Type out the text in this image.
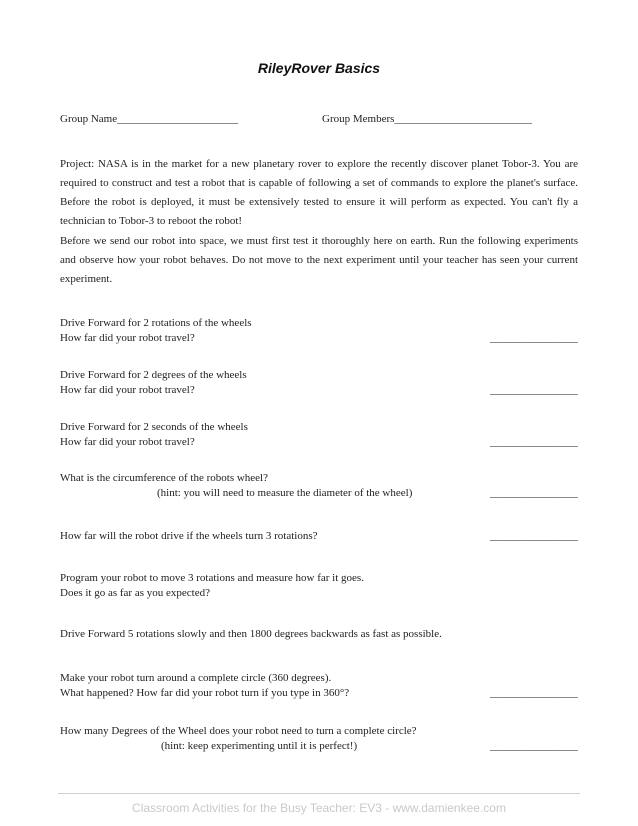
RileyRover Basics
Group Name______________________	Group Members_________________________
Project: NASA is in the market for a new planetary rover to explore the recently discover planet Tobor-3. You are required to construct and test a robot that is capable of following a set of commands to explore the planet's surface. Before the robot is deployed, it must be extensively tested to ensure it will perform as expected. You can't fly a technician to Tobor-3 to reboot the robot!
Before we send our robot into space, we must first test it thoroughly here on earth. Run the following experiments and observe how your robot behaves. Do not move to the next experiment until your teacher has seen your current experiment.
Drive Forward for 2 rotations of the wheels
How far did your robot travel?	________________
Drive Forward for 2 degrees of the wheels
How far did your robot travel?	________________
Drive Forward for 2 seconds of the wheels
How far did your robot travel?	________________
What is the circumference of the robots wheel?
(hint: you will need to measure the diameter of the wheel)	________________
How far will the robot drive if the wheels turn 3 rotations?	________________
Program your robot to move 3 rotations and measure how far it goes.
Does it go as far as you expected?
Drive Forward 5 rotations slowly and then 1800 degrees backwards as fast as possible.
Make your robot turn around a complete circle (360 degrees).
What happened? How far did your robot turn if you type in 360°?	________________
How many Degrees of the Wheel does your robot need to turn a complete circle?
(hint: keep experimenting until it is perfect!)	________________
Classroom Activities for the Busy Teacher: EV3 - www.damienkee.com
